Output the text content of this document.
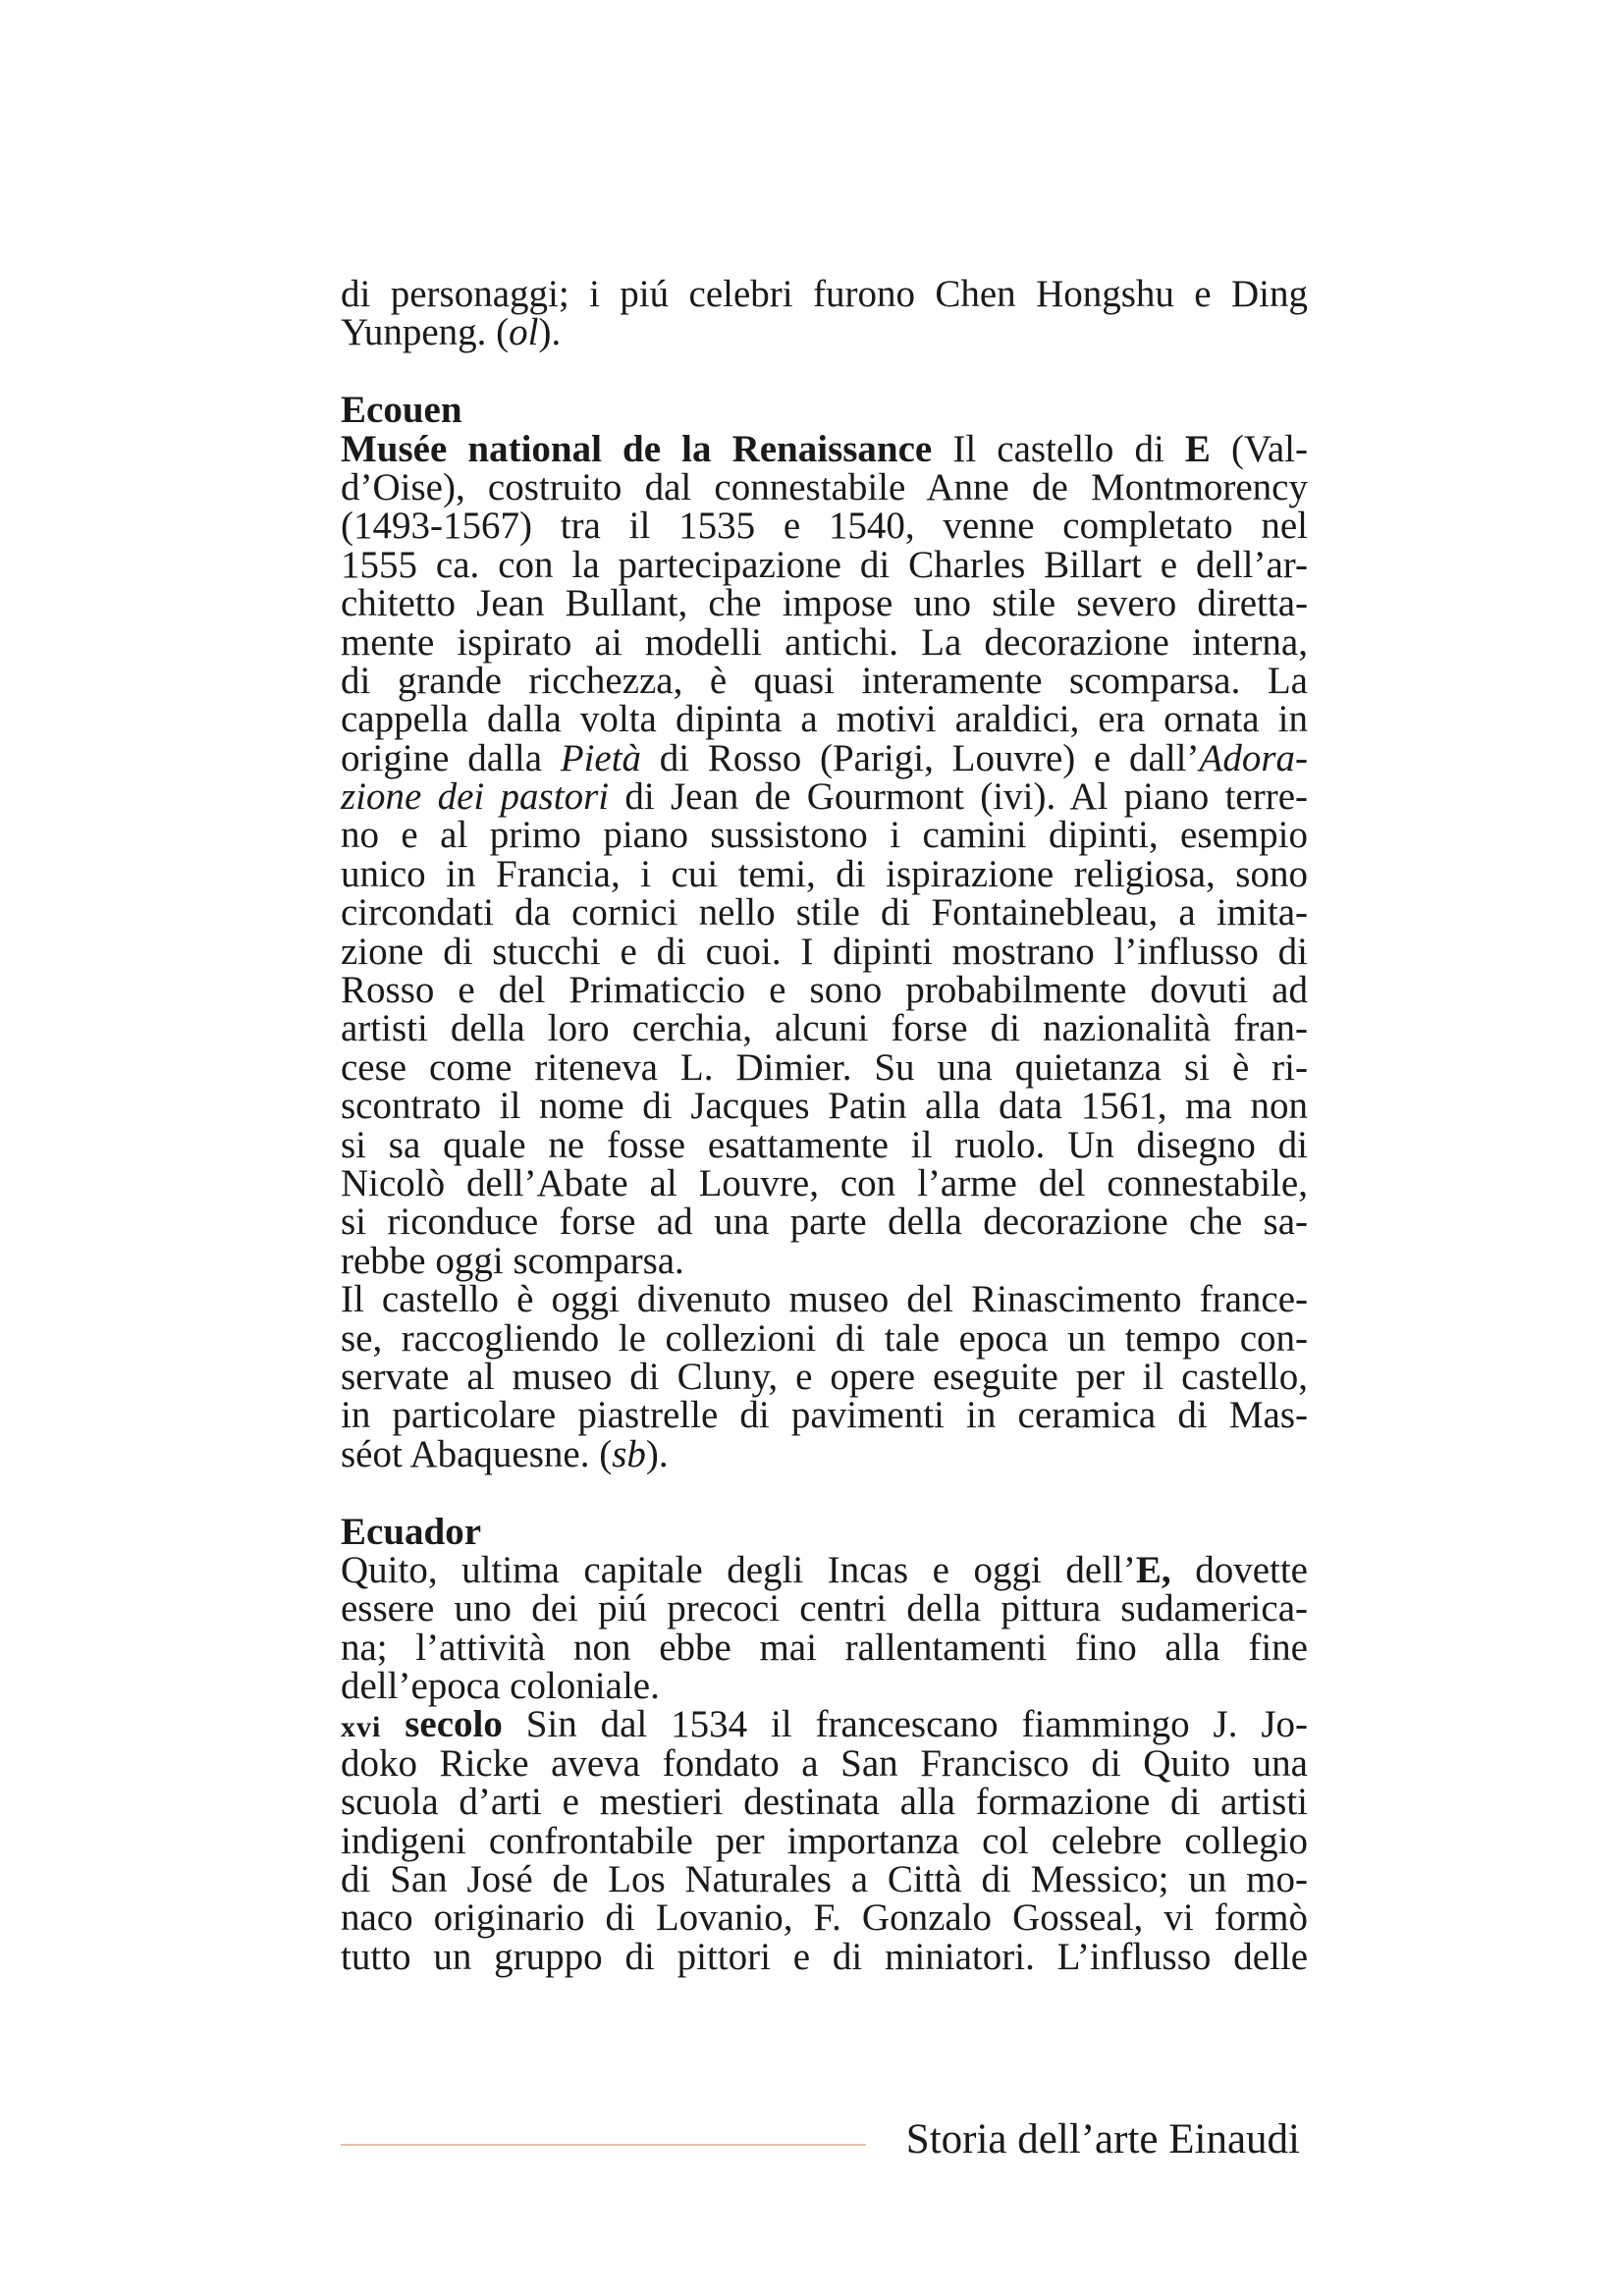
di personaggi; i piú celebri furono Chen Hongshu e Ding
Yunpeng. (ol).
Ecouen
Musée national de la Renaissance Il castello di E (Val-
d’Oise), costruito dal connestabile Anne de Montmorency
(1493-1567) tra il 1535 e 1540, venne completato nel
1555 ca. con la partecipazione di Charles Billart e dell’ar-
chitetto Jean Bullant, che impose uno stile severo diretta-
mente ispirato ai modelli antichi. La decorazione interna,
di grande ricchezza, è quasi interamente scomparsa. La
cappella dalla volta dipinta a motivi araldici, era ornata in
origine dalla Pietà di Rosso (Parigi, Louvre) e dall’Adora-
zione dei pastori di Jean de Gourmont (ivi). Al piano terre-
no e al primo piano sussistono i camini dipinti, esempio
unico in Francia, i cui temi, di ispirazione religiosa, sono
circondati da cornici nello stile di Fontainebleau, a imita-
zione di stucchi e di cuoi. I dipinti mostrano l’influsso di
Rosso e del Primaticcio e sono probabilmente dovuti ad
artisti della loro cerchia, alcuni forse di nazionalità fran-
cese come riteneva L. Dimier. Su una quietanza si è ri-
scontrato il nome di Jacques Patin alla data 1561, ma non
si sa quale ne fosse esattamente il ruolo. Un disegno di
Nicolò dell’Abate al Louvre, con l’arme del connestabile,
si riconduce forse ad una parte della decorazione che sa-
rebbe oggi scomparsa.
Il castello è oggi divenuto museo del Rinascimento france-
se, raccogliendo le collezioni di tale epoca un tempo con-
servate al museo di Cluny, e opere eseguite per il castello,
in particolare piastrelle di pavimenti in ceramica di Mas-
séot Abaquesne. (sb).
Ecuador
Quito, ultima capitale degli Incas e oggi dell’E, dovette
essere uno dei piú precoci centri della pittura sudamerica-
na; l’attività non ebbe mai rallentamenti fino alla fine
dell’epoca coloniale.
xvi secolo Sin dal 1534 il francescano fiammingo J. Jo-
doko Ricke aveva fondato a San Francisco di Quito una
scuola d’arti e mestieri destinata alla formazione di artisti
indigeni confrontabile per importanza col celebre collegio
di San José de Los Naturales a Città di Messico; un mo-
naco originario di Lovanio, F. Gonzalo Gosseal, vi formò
tutto un gruppo di pittori e di miniatori. L’influsso delle
Storia dell’arte Einaudi
